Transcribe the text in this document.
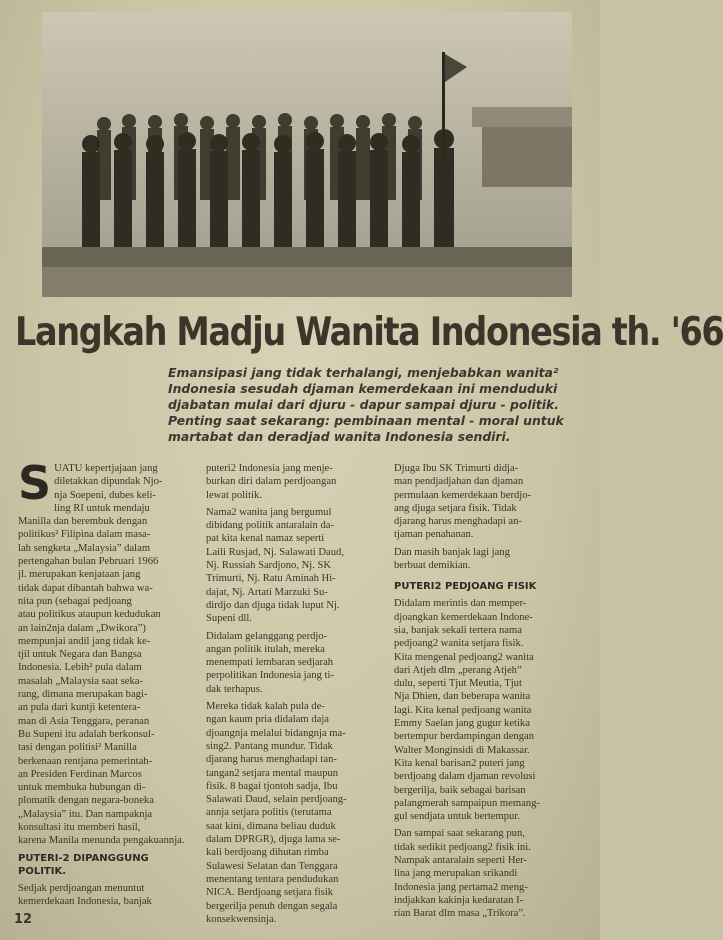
Langkah Madju Wanita Indonesia th. '66
Emansipasi jang tidak terhalangi, menjebabkan wanita²
Indonesia sesudah djaman kemerdekaan ini menduduki
djabatan mulai dari djuru - dapur sampai djuru - politik.
Penting saat sekarang: pembinaan mental - moral untuk
martabat dan deradjad wanita Indonesia sendiri.
S UATU kepertjajaan jang
diletakkan dipundak Njo-
nja Soepeni, dubes keli-
ling RI untuk mendaju
Manilla dan berembuk dengan
politikus² Filipina dalam masa-
lah sengketa „Malaysia” dalam
pertengahan bulan Pebruari 1966
jl. merupakan kenjataan jang
tidak dapat dibantah bahwa wa-
nita pun (sebagai pedjoang
atau politikus ataupun kedudukan
an lain2nja dalam „Dwikora”)
mempunjai andil jang tidak ke-
tjil untuk Negara dan Bangsa
Indonesia. Lebih² pula dalam
masalah „Malaysia saat seka-
rang, dimana merupakan bagi-
an pula dari kuntji ketentera-
man di Asia Tenggara, peranan
Bu Supeni itu adalah berkonsul-
tasi dengan politisi² Manilla
berkenaan rentjana pemerintah-
an Presiden Ferdinan Marcos
untuk membuka hubungan di-
plomatik dengan negara-boneka
„Malaysia” itu. Dan nampaknja
konsultasi itu memberi hasil,
karena Manila menunda pengakuannja.
PUTERI-2 DIPANGGUNG
POLITIK.
Sedjak perdjoangan menuntut
kemerdekaan Indonesia, banjak
puteri2 Indonesia jang menje-
burkan diri dalam perdjoangan
lewat politik.
Nama2 wanita jang bergumul
dibidang politik antaralain da-
pat kita kenal namaz seperti
Laili Rusjad, Nj. Salawati Daud,
Nj. Russiah Sardjono, Nj. SK
Trimurti, Nj. Ratu Aminah Hi-
dajat, Nj. Artati Marzuki Su-
dirdjo dan djuga tidak luput Nj.
Supeni dll.
Didalam gelanggang perdjo-
angan politik itulah, mereka
menempati lembaran sedjarah
perpolitikan Indonesia jang ti-
dak terhapus.
Mereka tidak kalah pula de-
ngan kaum pria didalam daja
djoangnja melalui bidangnja ma-
sing2. Pantang mundur. Tidak
djarang harus menghadapi tan-
tangan2 setjara mental maupun
fisik. 8 bagai tjontoh sadja, Ibu
Salawati Daud, selain perdjoang-
annja setjara politis (terutama
saat kini, dimana beliau duduk
dalam DPRGR), djuga lama se-
kali berdjoang dihutan rimba
Sulawesi Selatan dan Tenggara
menentang tentara pendudukan
NICA. Berdjoang setjara fisik
bergerilja penuh dengan segala
konsekwensinja.
Djuga Ibu SK Trimurti didja-
man pendjadjahan dan djaman
permulaan kemerdekaan berdjo-
ang djuga setjara fisik. Tidak
djarang harus menghadapi an-
tjaman penahanan.
Dan masih banjak lagi jang
berbuat demikian.
PUTERI2 PEDJOANG FISIK
Didalam merintis dan memper-
djoangkan kemerdekaan Indone-
sia, banjak sekali tertera nama
pedjoang2 wanita setjara fisik.
Kita mengenal pedjoang2 wanita
dari Atjeh dlm „perang Atjeh”
dulu, seperti Tjut Meutia, Tjut
Nja Dhien, dan beberapa wanita
lagi. Kita kenal pedjoang wanita
Emmy Saelan jang gugur ketika
bertempur berdampingan dengan
Walter Monginsidi di Makassar.
Kita kenal barisan2 puteri jang
berdjoang dalam djaman revolusi
bergerilja, baik sebagai barisan
palangmerah sampaipun memang-
gul sendjata untuk bertempur.
Dan sampai saat sekarang pun,
tidak sedikit pedjoang2 fisik ini.
Nampak antaralain seperti Her-
lina jang merupakan srikandi
Indonesia jang pertama2 meng-
indjakkan kakinja kedaratan I-
rian Barat dlm masa „Trikora”.
12
